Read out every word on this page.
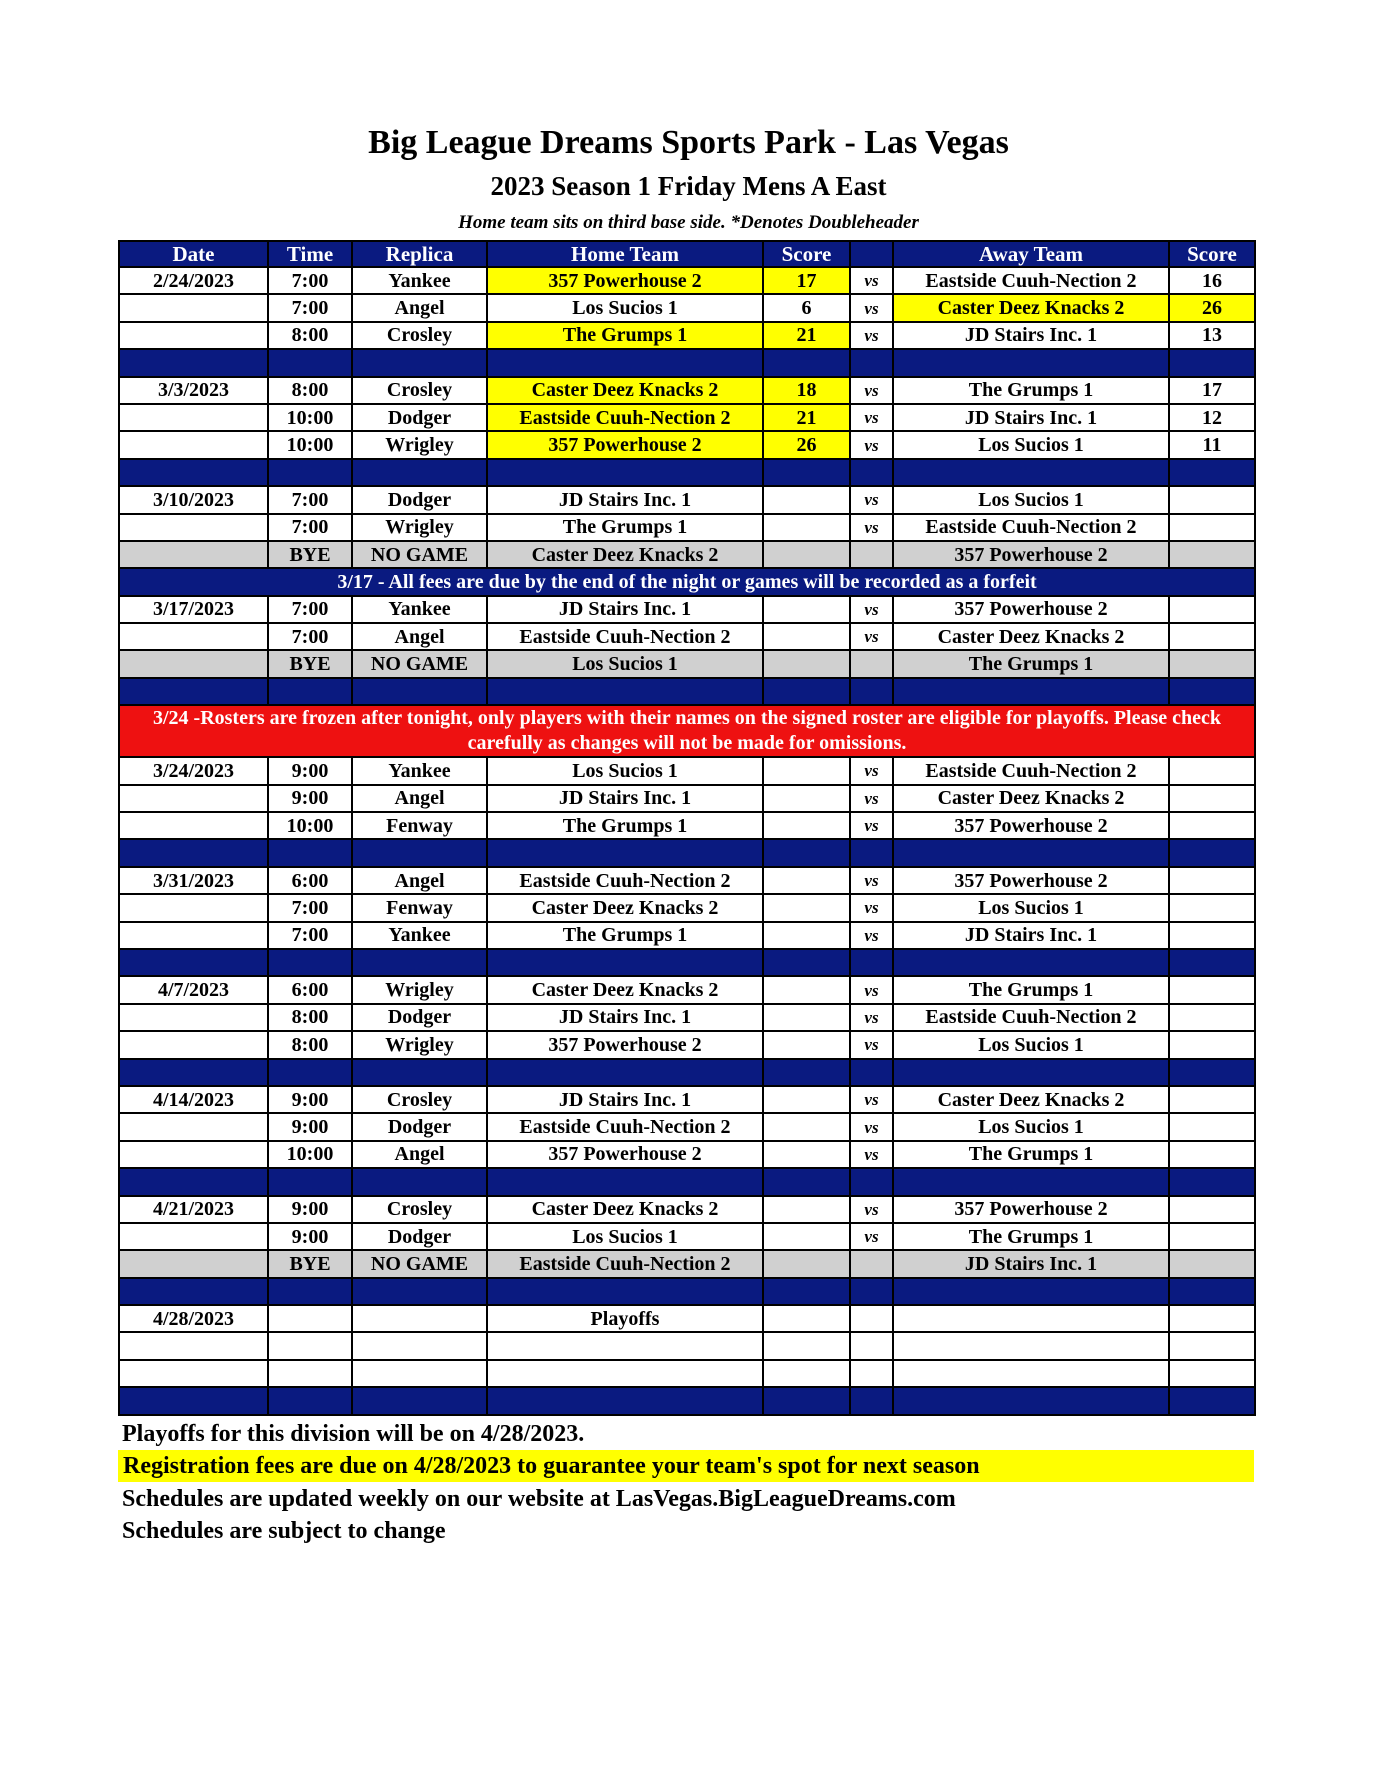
Big League Dreams Sports Park - Las Vegas
2023 Season 1 Friday Mens A East
Home team sits on third base side. *Denotes Doubleheader
Date	Time	Replica	Home Team	Score		Away Team	Score
2/24/2023	7:00	Yankee	357 Powerhouse 2	17	vs	Eastside Cuuh-Nection 2	16
	7:00	Angel	Los Sucios 1	6	vs	Caster Deez Knacks 2	26
	8:00	Crosley	The Grumps 1	21	vs	JD Stairs Inc. 1	13

3/3/2023	8:00	Crosley	Caster Deez Knacks 2	18	vs	The Grumps 1	17
	10:00	Dodger	Eastside Cuuh-Nection 2	21	vs	JD Stairs Inc. 1	12
	10:00	Wrigley	357 Powerhouse 2	26	vs	Los Sucios 1	11

3/10/2023	7:00	Dodger	JD Stairs Inc. 1		vs	Los Sucios 1	
	7:00	Wrigley	The Grumps 1		vs	Eastside Cuuh-Nection 2	
	BYE	NO GAME	Caster Deez Knacks 2			357 Powerhouse 2	
3/17 - All fees are due by the end of the night or games will be recorded as a forfeit							
3/17/2023	7:00	Yankee	JD Stairs Inc. 1		vs	357 Powerhouse 2	
	7:00	Angel	Eastside Cuuh-Nection 2		vs	Caster Deez Knacks 2	
	BYE	NO GAME	Los Sucios 1			The Grumps 1	

3/24 -Rosters are frozen after tonight, only players with their names on the signed roster are eligible for playoffs. Please check carefully as changes will not be made for omissions.							
3/24/2023	9:00	Yankee	Los Sucios 1		vs	Eastside Cuuh-Nection 2	
	9:00	Angel	JD Stairs Inc. 1		vs	Caster Deez Knacks 2	
	10:00	Fenway	The Grumps 1		vs	357 Powerhouse 2	

3/31/2023	6:00	Angel	Eastside Cuuh-Nection 2		vs	357 Powerhouse 2	
	7:00	Fenway	Caster Deez Knacks 2		vs	Los Sucios 1	
	7:00	Yankee	The Grumps 1		vs	JD Stairs Inc. 1	

4/7/2023	6:00	Wrigley	Caster Deez Knacks 2		vs	The Grumps 1	
	8:00	Dodger	JD Stairs Inc. 1		vs	Eastside Cuuh-Nection 2	
	8:00	Wrigley	357 Powerhouse 2		vs	Los Sucios 1	

4/14/2023	9:00	Crosley	JD Stairs Inc. 1		vs	Caster Deez Knacks 2	
	9:00	Dodger	Eastside Cuuh-Nection 2		vs	Los Sucios 1	
	10:00	Angel	357 Powerhouse 2		vs	The Grumps 1	

4/21/2023	9:00	Crosley	Caster Deez Knacks 2		vs	357 Powerhouse 2	
	9:00	Dodger	Los Sucios 1		vs	The Grumps 1	
	BYE	NO GAME	Eastside Cuuh-Nection 2			JD Stairs Inc. 1	

4/28/2023			Playoffs				

Playoffs for this division will be on 4/28/2023.
Registration fees are due on 4/28/2023 to guarantee your team's spot for next season
Schedules are updated weekly on our website at LasVegas.BigLeagueDreams.com
Schedules are subject to change
